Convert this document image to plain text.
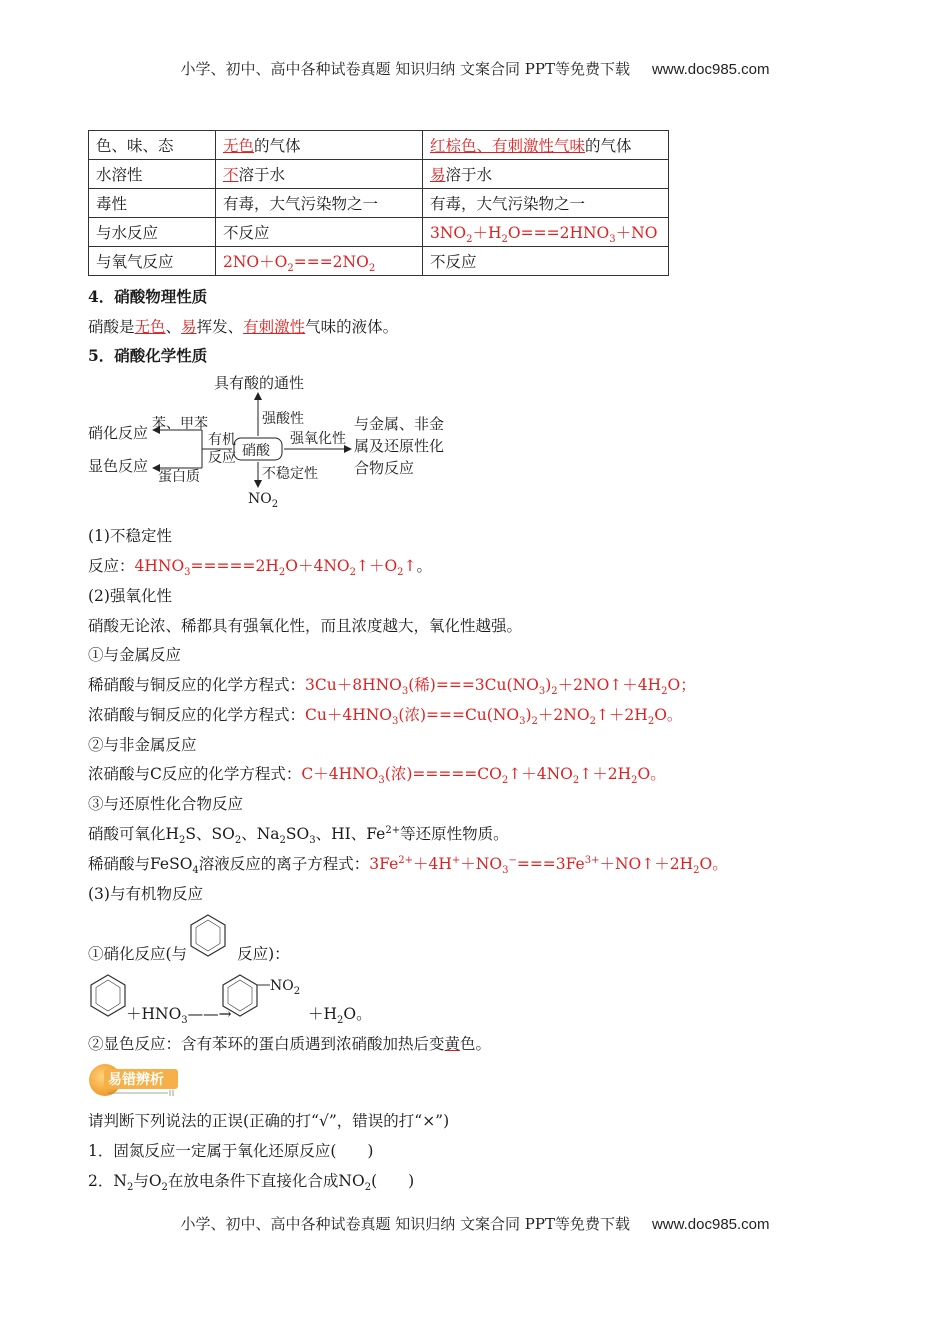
小学、初中、高中各种试卷真题 知识归纳 文案合同 PPT等免费下载 www.doc985.com
色、味、态	无色的气体	红棕色、有刺激性气味的气体
水溶性	不溶于水	易溶于水
毒性	有毒，大气污染物之一	有毒，大气污染物之一
与水反应	不反应	$3NO_2+H_2O===2HNO_3+NO$
与氧气反应	$2NO+O_2===2NO_2$	不反应
4．硝酸物理性质
硝酸是无色、易挥发、有刺激性气味的液体。
5．硝酸化学性质
具有酸的通性
强酸性
硝酸
强氧化性
与金属、非金
属及还原性化
合物反应
不稳定性
$NO_2$
有机
反应
苯、甲苯
蛋白质
硝化反应
显色反应
(1)不稳定性
反应：$4HNO_3=====2H_2O+4NO_2↑+O_2↑$。
(2)强氧化性
硝酸无论浓、稀都具有强氧化性，而且浓度越大，氧化性越强。
①与金属反应
稀硝酸与铜反应的化学方程式：$3Cu+8HNO_3$(稀)$===3Cu(NO_3)_2+2NO↑+4H_2O$；
浓硝酸与铜反应的化学方程式：$Cu+4HNO_3$(浓)$===Cu(NO_3)_2+2NO_2↑+2H_2O$。
②与非金属反应
浓硝酸与C反应的化学方程式：$C+4HNO_3$(浓)$=====CO_2↑+4NO_2↑+2H_2O$。
③与还原性化合物反应
硝酸可氧化$H_2S$、$SO_2$、$Na_2SO_3$、HI、$Fe^{2+}$等还原性物质。
稀硝酸与FeSO$_4$溶液反应的离子方程式：$3Fe^{2+}+4H^++NO_3^-===3Fe^{3+}+NO↑+2H_2O$。
(3)与有机物反应
①硝化反应(与	反应)：
$+HNO_3——\to$
$NO_2$
$+H_2O$。
②显色反应：含有苯环的蛋白质遇到浓硝酸加热后变黄色。
易错辨析
请判断下列说法的正误(正确的打“√”，错误的打“×”)
1．固氮反应一定属于氧化还原反应(　　)
2．$N_2$与$O_2$在放电条件下直接化合成$NO_2$(　　)
小学、初中、高中各种试卷真题 知识归纳 文案合同 PPT等免费下载 www.doc985.com
